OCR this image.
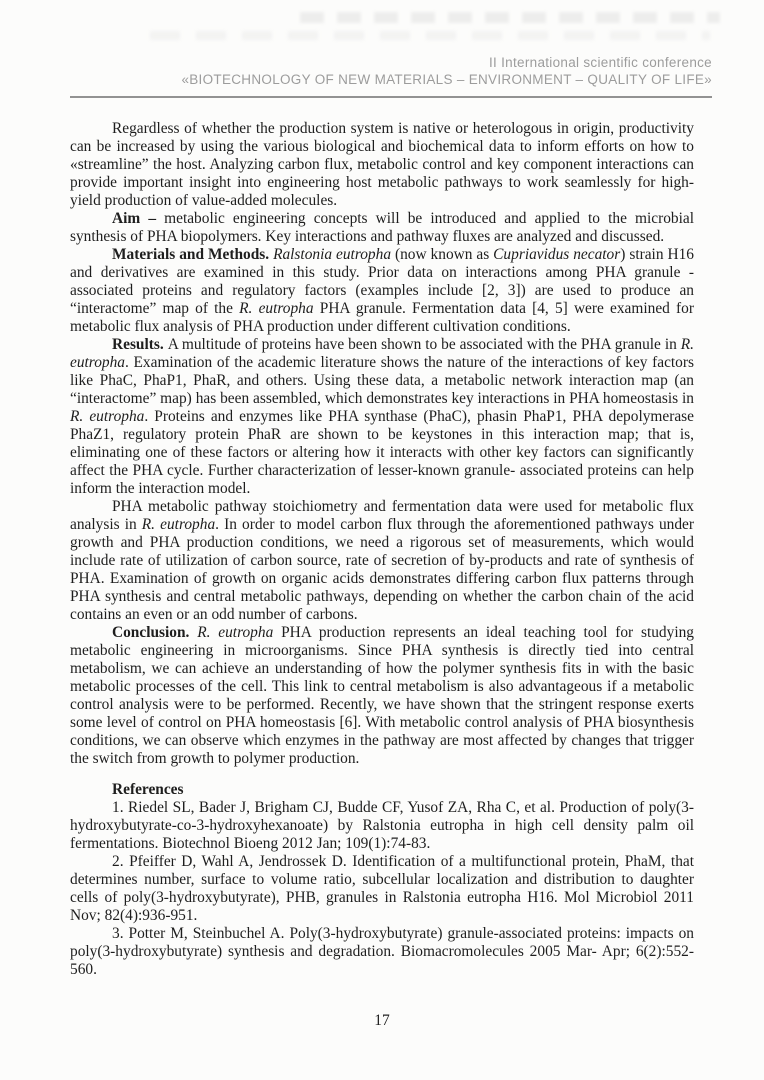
II International scientific conference
«BIOTECHNOLOGY OF NEW MATERIALS – ENVIRONMENT – QUALITY OF LIFE»

Regardless of whether the production system is native or heterologous in origin, productivity can be increased by using the various biological and biochemical data to inform efforts on how to «streamline” the host. Analyzing carbon flux, metabolic control and key component interactions can provide important insight into engineering host metabolic pathways to work seamlessly for high-yield production of value-added molecules.

Aim – metabolic engineering concepts will be introduced and applied to the microbial synthesis of PHA biopolymers. Key interactions and pathway fluxes are analyzed and discussed.

Materials and Methods. Ralstonia eutropha (now known as Cupriavidus necator) strain H16 and derivatives are examined in this study. Prior data on interactions among PHA granule - associated proteins and regulatory factors (examples include [2, 3]) are used to produce an “interactome” map of the R. eutropha PHA granule. Fermentation data [4, 5] were examined for metabolic flux analysis of PHA production under different cultivation conditions.

Results. A multitude of proteins have been shown to be associated with the PHA granule in R. eutropha. Examination of the academic literature shows the nature of the interactions of key factors like PhaC, PhaP1, PhaR, and others. Using these data, a metabolic network interaction map (an “interactome” map) has been assembled, which demonstrates key interactions in PHA homeostasis in R. eutropha. Proteins and enzymes like PHA synthase (PhaC), phasin PhaP1, PHA depolymerase PhaZ1, regulatory protein PhaR are shown to be keystones in this interaction map; that is, eliminating one of these factors or altering how it interacts with other key factors can significantly affect the PHA cycle. Further characterization of lesser-known granule- associated proteins can help inform the interaction model.

PHA metabolic pathway stoichiometry and fermentation data were used for metabolic flux analysis in R. eutropha. In order to model carbon flux through the aforementioned pathways under growth and PHA production conditions, we need a rigorous set of measurements, which would include rate of utilization of carbon source, rate of secretion of by-products and rate of synthesis of PHA. Examination of growth on organic acids demonstrates differing carbon flux patterns through PHA synthesis and central metabolic pathways, depending on whether the carbon chain of the acid contains an even or an odd number of carbons.

Conclusion. R. eutropha PHA production represents an ideal teaching tool for studying metabolic engineering in microorganisms. Since PHA synthesis is directly tied into central metabolism, we can achieve an understanding of how the polymer synthesis fits in with the basic metabolic processes of the cell. This link to central metabolism is also advantageous if a metabolic control analysis were to be performed. Recently, we have shown that the stringent response exerts some level of control on PHA homeostasis [6]. With metabolic control analysis of PHA biosynthesis conditions, we can observe which enzymes in the pathway are most affected by changes that trigger the switch from growth to polymer production.

References

1. Riedel SL, Bader J, Brigham CJ, Budde CF, Yusof ZA, Rha C, et al. Production of poly(3- hydroxybutyrate-co-3-hydroxyhexanoate) by Ralstonia eutropha in high cell density palm oil fermentations. Biotechnol Bioeng 2012 Jan; 109(1):74-83.

2. Pfeiffer D, Wahl A, Jendrossek D. Identification of a multifunctional protein, PhaM, that determines number, surface to volume ratio, subcellular localization and distribution to daughter cells of poly(3-hydroxybutyrate), PHB, granules in Ralstonia eutropha H16. Mol Microbiol 2011 Nov; 82(4):936-951.

3. Potter M, Steinbuchel A. Poly(3-hydroxybutyrate) granule-associated proteins: impacts on poly(3-hydroxybutyrate) synthesis and degradation. Biomacromolecules 2005 Mar- Apr; 6(2):552-560.

17
